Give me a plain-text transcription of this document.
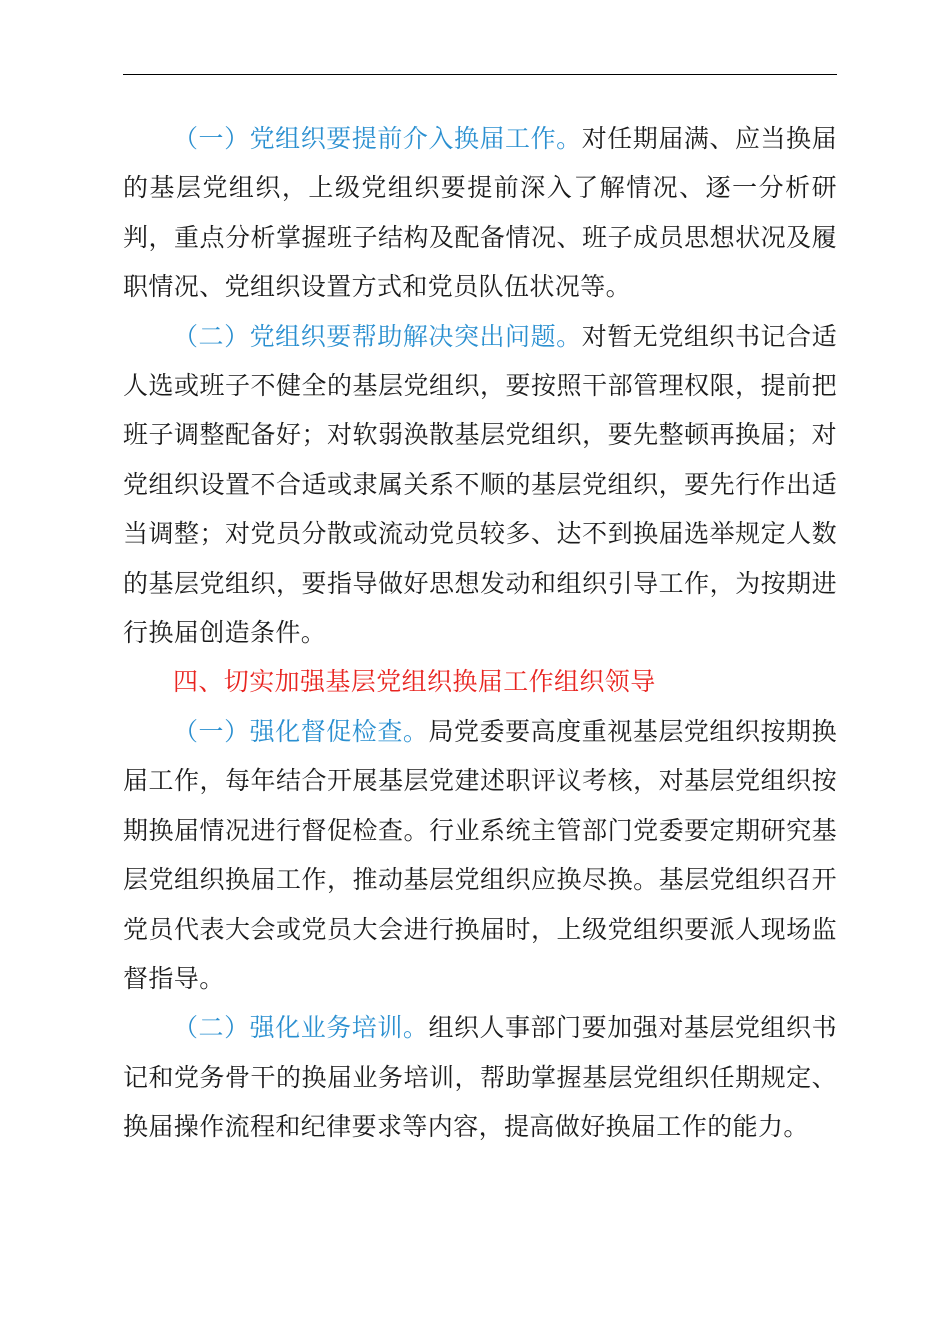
（一）党组织要提前介入换届工作。对任期届满、应当换届的基层党组织，上级党组织要提前深入了解情况、逐一分析研判，重点分析掌握班子结构及配备情况、班子成员思想状况及履职情况、党组织设置方式和党员队伍状况等。

（二）党组织要帮助解决突出问题。对暂无党组织书记合适人选或班子不健全的基层党组织，要按照干部管理权限，提前把班子调整配备好；对软弱涣散基层党组织，要先整顿再换届；对党组织设置不合适或隶属关系不顺的基层党组织，要先行作出适当调整；对党员分散或流动党员较多、达不到换届选举规定人数的基层党组织，要指导做好思想发动和组织引导工作，为按期进行换届创造条件。

四、切实加强基层党组织换届工作组织领导

（一）强化督促检查。局党委要高度重视基层党组织按期换届工作，每年结合开展基层党建述职评议考核，对基层党组织按期换届情况进行督促检查。行业系统主管部门党委要定期研究基层党组织换届工作，推动基层党组织应换尽换。基层党组织召开党员代表大会或党员大会进行换届时，上级党组织要派人现场监督指导。

（二）强化业务培训。组织人事部门要加强对基层党组织书记和党务骨干的换届业务培训，帮助掌握基层党组织任期规定、换届操作流程和纪律要求等内容，提高做好换届工作的能力。
